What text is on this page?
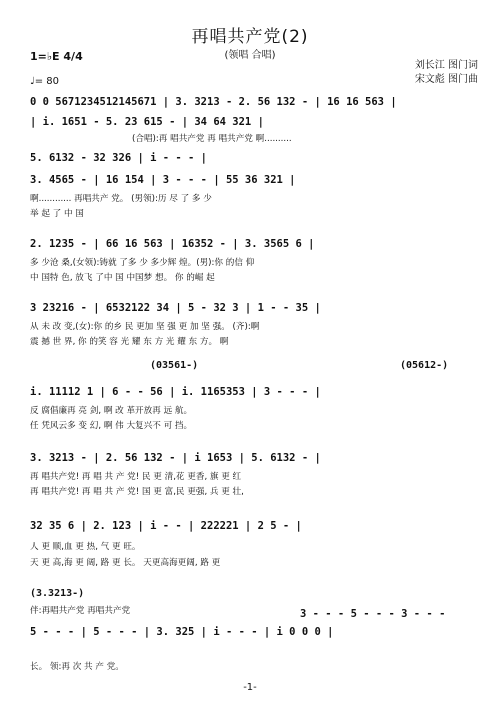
再唱共产党(2)
(领唱 合唱)
刘长江 图门词
宋文彪 图门曲
1=♭E 4/4
♩= 80
0 0 5671234512145671 | 3. 3213 - 2. 56 132 - | 16 16 563 |
| i. 1651 - 5. 23 615 - | 34 64 321 |
(合唱):再 唱共产党 再 唱共产党 啊..........
5. 6132 - 32 326 | i - - - |
3. 4565 - | 16 154 | 3 - - - | 55 36 321 |
啊............ 再唱共产 党。 (男领):历 尽 了 多 少
举 起 了 中 国
2. 1235 - | 66 16 563 | 16352 - | 3. 3565 6 |
多 少沧 桑,(女领):铸就 了多 少 多少辉 煌。(男):你 的信 仰
中 国特 色, 放飞 了中 国 中国梦 想。 你 的崛 起
3 23216 - | 6532122 34 | 5 - 32 3 | 1 - - 35 |
从 未 改 变,(女):你 的乡 民 更加 坚 强 更 加 坚 强。 (齐):啊
震 撼 世 界, 你 的笑 容 光 耀 东 方 光 耀 东 方。 啊
(03561-)	(05612-)
i. 11112 1 | 6 - - 56 | i. 1165353 | 3 - - - |
反 腐倡廉再 亮 剑, 啊 改 革开放再 远 航。
任 凭风云多 变 幻, 啊 伟 大复兴不 可 挡。
3. 3213 - | 2. 56 132 - | i 1653 | 5. 6132 - |
再 唱共产党! 再 唱 共 产 党! 民 更 清,花 更香, 旗 更 红
再 唱共产党! 再 唱 共 产 党! 国 更 富,民 更强, 兵 更 壮,
32 35 6 | 2. 123 | i - - | 222221 | 2 5 - |
人 更 顺,血 更 热, 气 更 旺。
天 更 高,海 更 阔, 路 更 长。 天更高海更阔, 路 更
(3.3213-)
3 - - - 5 - - - 3 - - -
5 - - - | 5 - - - | 3. 325 | i - - - | i 0 0 0 |
伴:再唱共产党 再唱共产党
长。 领:再 次 共 产 党。
-1-
